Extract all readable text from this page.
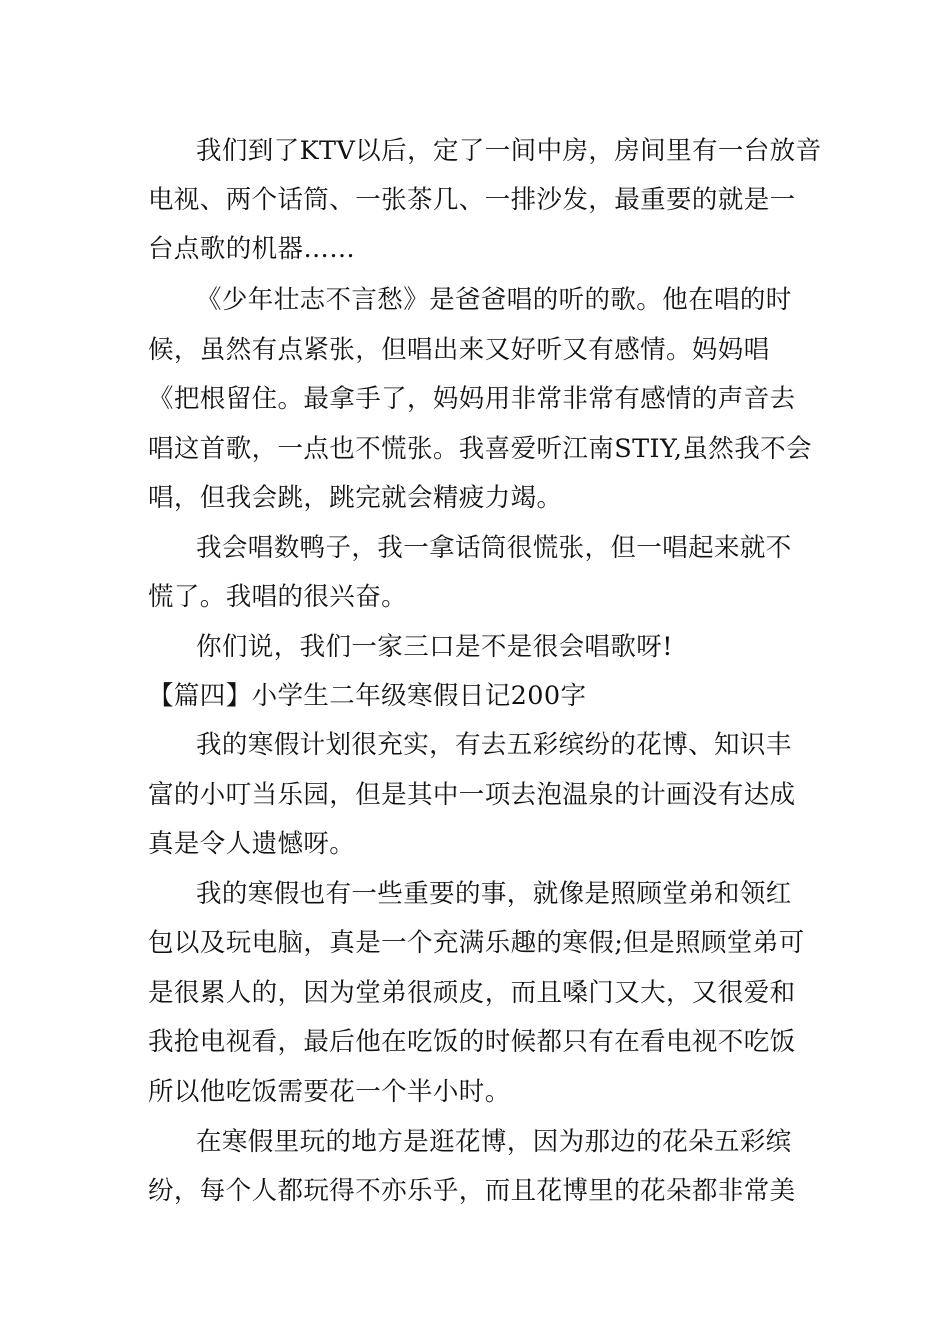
我们到了KTV以后，定了一间中房，房间里有一台放音
电视、两个话筒、一张茶几、一排沙发，最重要的就是一
台点歌的机器……
《少年壮志不言愁》是爸爸唱的听的歌。他在唱的时
候，虽然有点紧张，但唱出来又好听又有感情。妈妈唱
《把根留住。最拿手了，妈妈用非常非常有感情的声音去
唱这首歌，一点也不慌张。我喜爱听江南STIY,虽然我不会
唱，但我会跳，跳完就会精疲力竭。
我会唱数鸭子，我一拿话筒很慌张，但一唱起来就不
慌了。我唱的很兴奋。
你们说，我们一家三口是不是很会唱歌呀!
【篇四】小学生二年级寒假日记200字
我的寒假计划很充实，有去五彩缤纷的花博、知识丰
富的小叮当乐园，但是其中一项去泡温泉的计画没有达成
真是令人遗憾呀。
我的寒假也有一些重要的事，就像是照顾堂弟和领红
包以及玩电脑，真是一个充满乐趣的寒假;但是照顾堂弟可
是很累人的，因为堂弟很顽皮，而且嗓门又大，又很爱和
我抢电视看，最后他在吃饭的时候都只有在看电视不吃饭
所以他吃饭需要花一个半小时。
在寒假里玩的地方是逛花博，因为那边的花朵五彩缤
纷，每个人都玩得不亦乐乎，而且花博里的花朵都非常美
